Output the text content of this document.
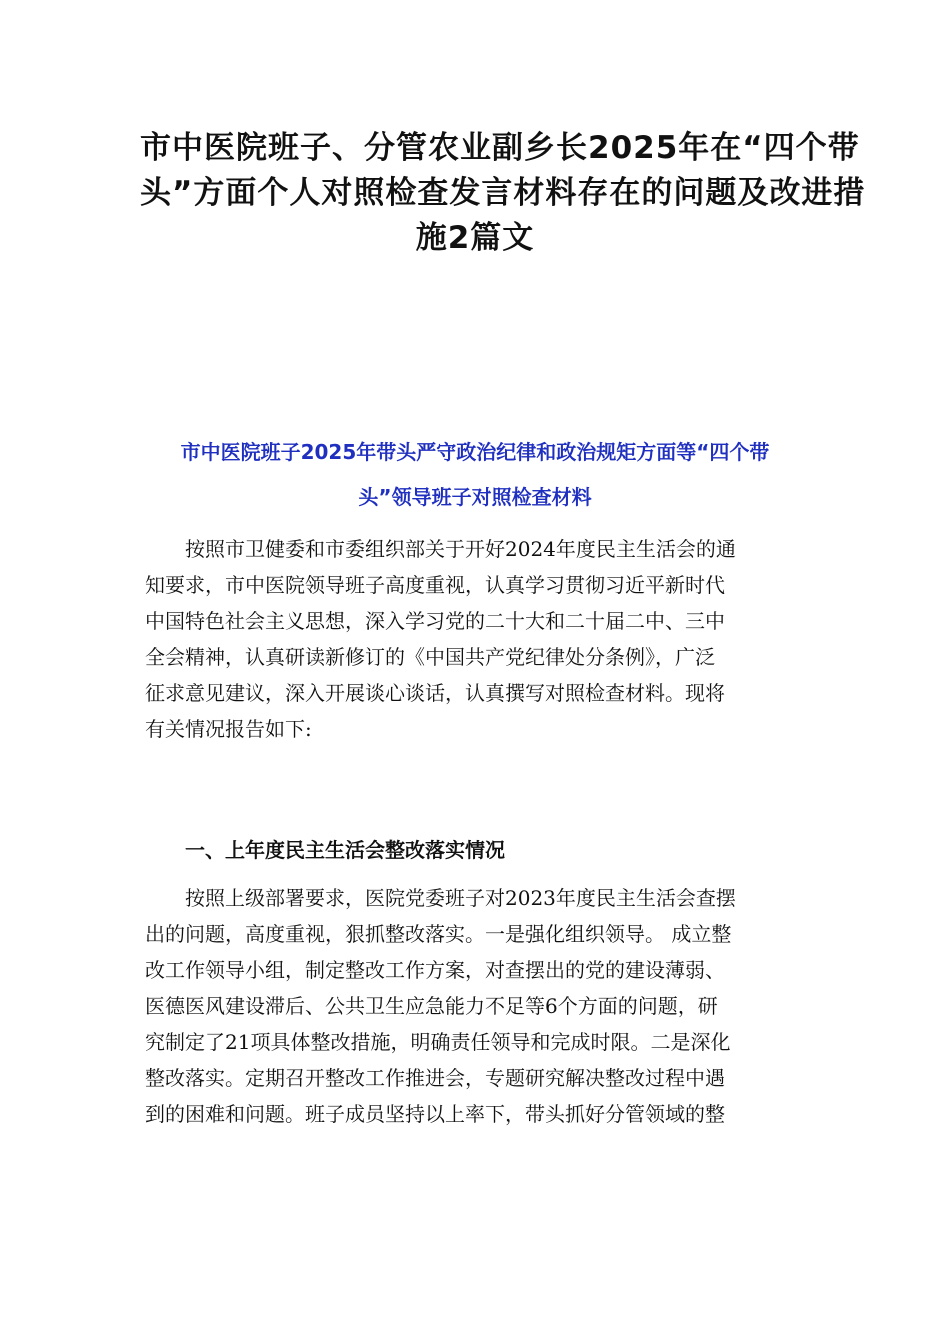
市中医院班子、分管农业副乡长2025年在“四个带
头”方面个人对照检查发言材料存在的问题及改进措
施2篇文
市中医院班子2025年带头严守政治纪律和政治规矩方面等“四个带
头”领导班子对照检查材料
按照市卫健委和市委组织部关于开好2024年度民主生活会的通
知要求，市中医院领导班子高度重视，认真学习贯彻习近平新时代
中国特色社会主义思想，深入学习党的二十大和二十届二中、三中
全会精神，认真研读新修订的《中国共产党纪律处分条例》，广泛
征求意见建议，深入开展谈心谈话，认真撰写对照检查材料。现将
有关情况报告如下:
一、上年度民主生活会整改落实情况
按照上级部署要求，医院党委班子对2023年度民主生活会查摆
出的问题，高度重视，狠抓整改落实。一是强化组织领导。 成立整
改工作领导小组，制定整改工作方案，对查摆出的党的建设薄弱、
医德医风建设滞后、公共卫生应急能力不足等6个方面的问题，研
究制定了21项具体整改措施，明确责任领导和完成时限。二是深化
整改落实。定期召开整改工作推进会，专题研究解决整改过程中遇
到的困难和问题。班子成员坚持以上率下，带头抓好分管领域的整
